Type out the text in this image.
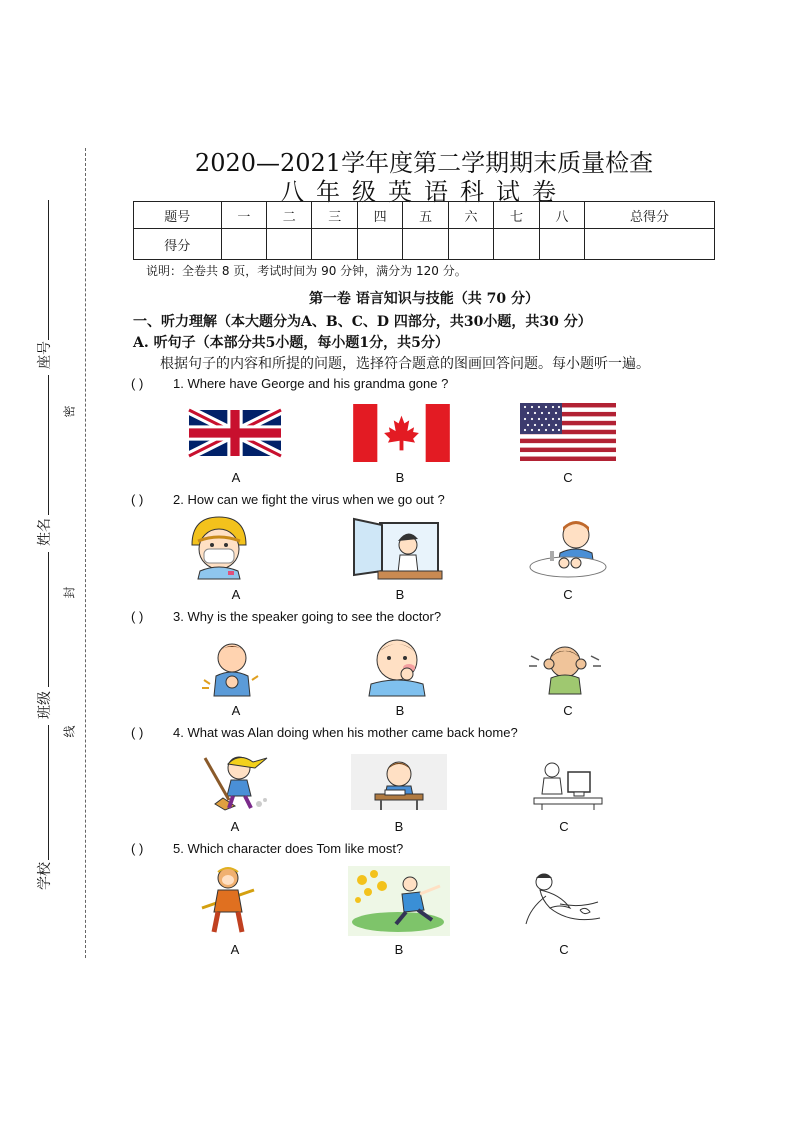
座号
姓名
班级
学校
密
封
线
2020—2021学年度第二学期期末质量检查
八年级英语科试卷
题号	一	二	三	四	五	六	七	八	总得分
得分									
说明：全卷共 8 页，考试时间为 90 分钟，满分为 120 分。
第一卷 语言知识与技能（共 70 分）
一、听力理解（本大题分为A、B、C、D 四部分，共30小题，共30 分）
A. 听句子（本部分共5小题，每小题1分，共5分）
根据句子的内容和所提的问题，选择符合题意的图画回答问题。每小题听一遍。
( ) 1. Where have George and his grandma gone ?
A	B	C
( ) 2. How can we fight the virus when we go out ?
A	B	C
( ) 3. Why is the speaker going to see the doctor?
A	B	C
( ) 4. What was Alan doing when his mother came back home?
A	B	C
( ) 5. Which character does Tom like most?
A	B	C
